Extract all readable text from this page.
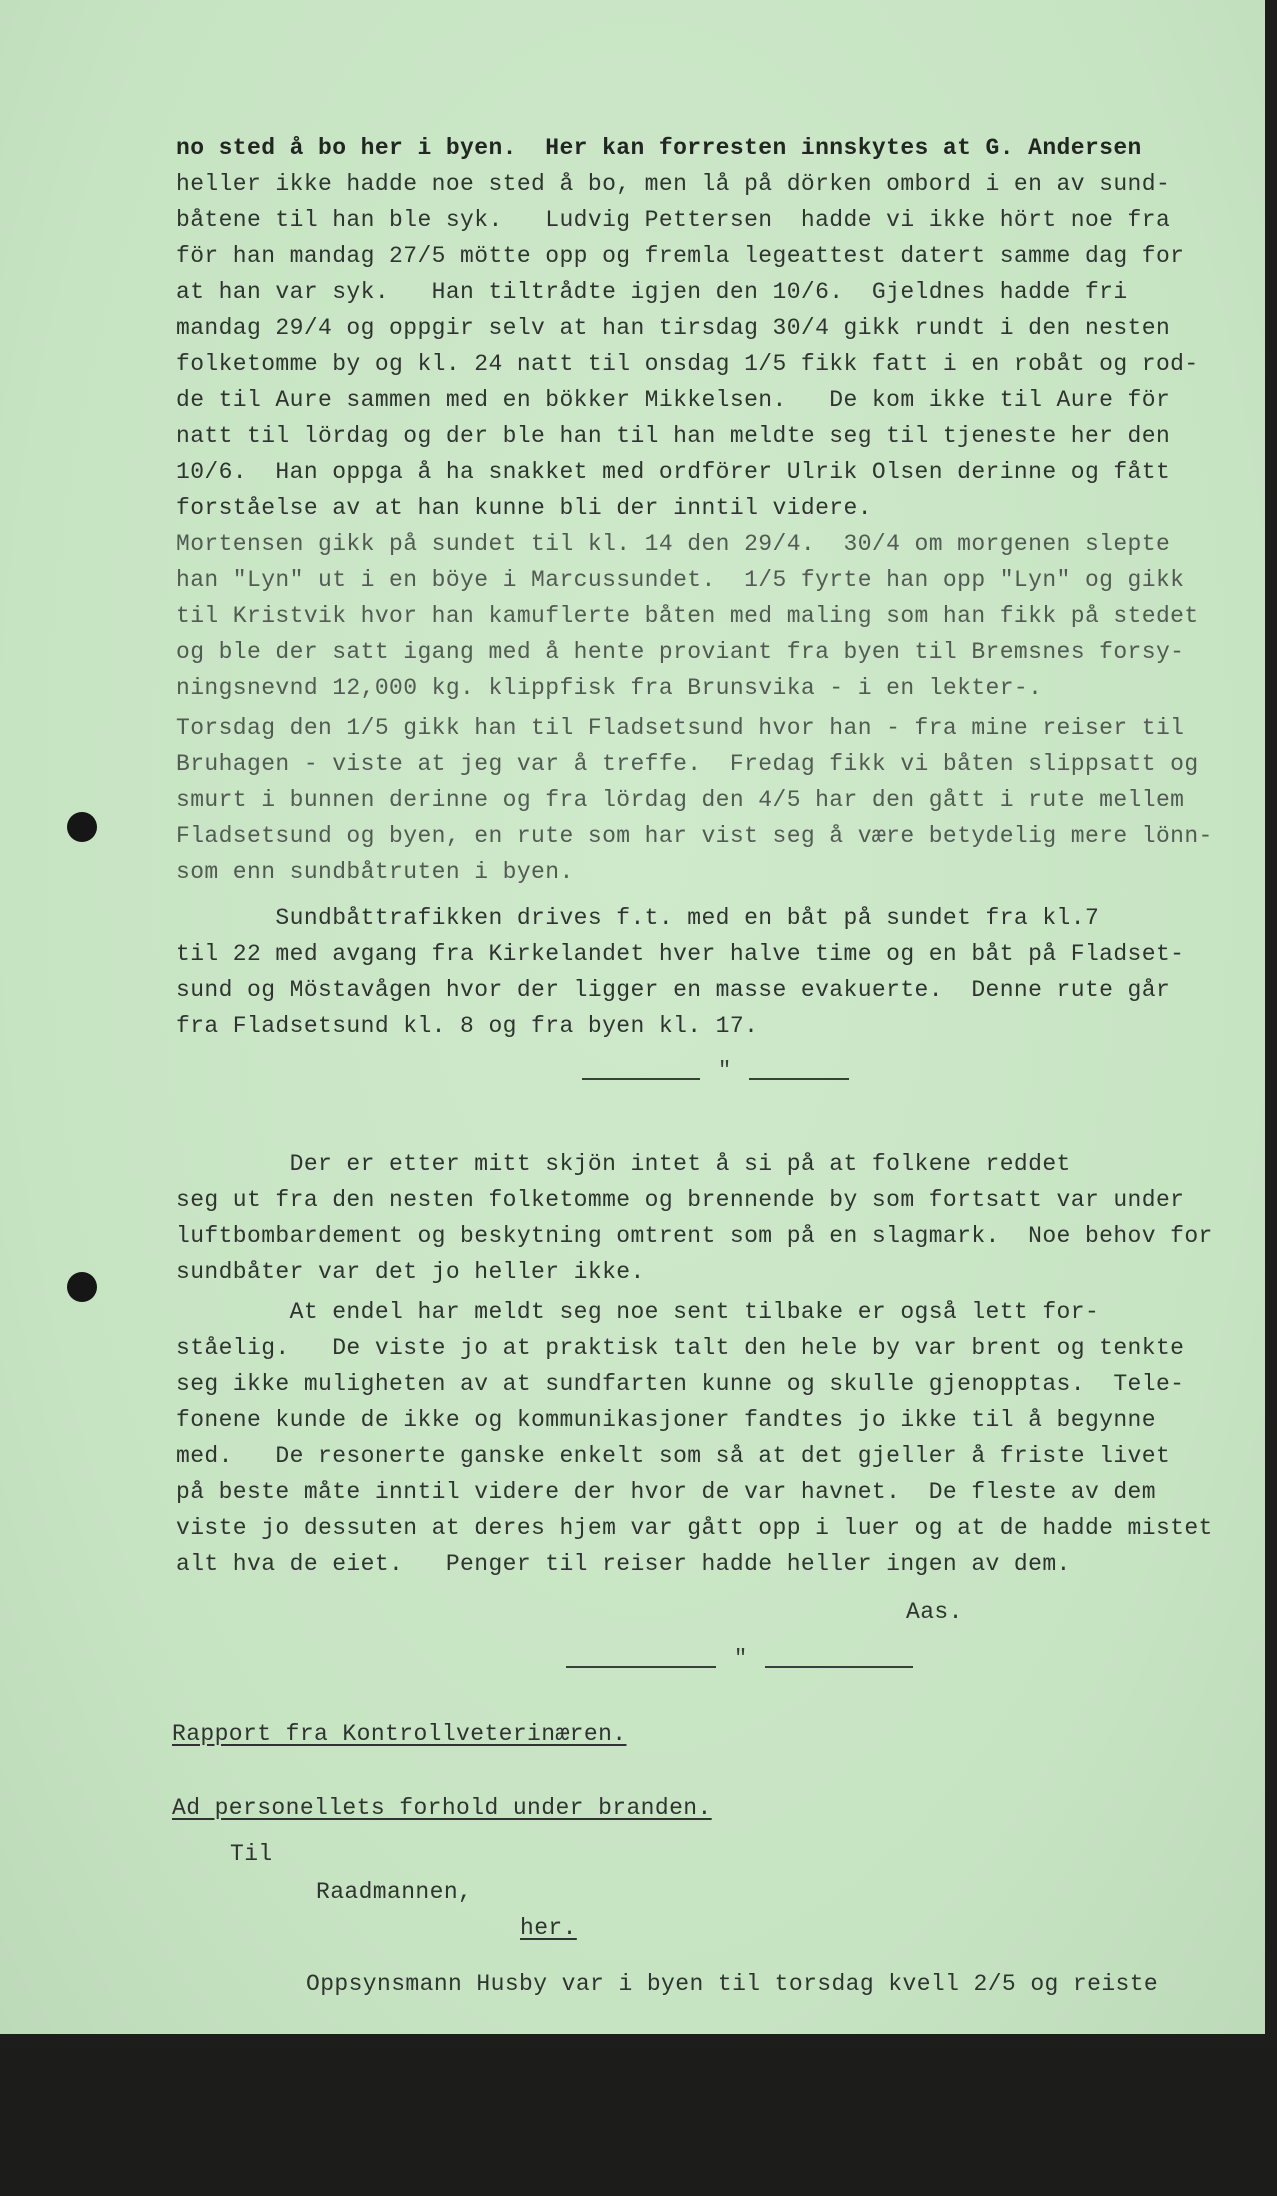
no sted å bo her i byen.  Her kan forresten innskytes at G. Andersen

heller ikke hadde noe sted å bo, men lå på dörken ombord i en av sund-

båtene til han ble syk.   Ludvig Pettersen  hadde vi ikke hört noe fra

för han mandag 27/5 mötte opp og fremla legeattest datert samme dag for

at han var syk.   Han tiltrådte igjen den 10/6.  Gjeldnes hadde fri

mandag 29/4 og oppgir selv at han tirsdag 30/4 gikk rundt i den nesten

folketomme by og kl. 24 natt til onsdag 1/5 fikk fatt i en robåt og rod-

de til Aure sammen med en bökker Mikkelsen.   De kom ikke til Aure för

natt til lördag og der ble han til han meldte seg til tjeneste her den

10/6.  Han oppga å ha snakket med ordförer Ulrik Olsen derinne og fått

forståelse av at han kunne bli der inntil videre.

Mortensen gikk på sundet til kl. 14 den 29/4.  30/4 om morgenen slepte

han "Lyn" ut i en böye i Marcussundet.  1/5 fyrte han opp "Lyn" og gikk

til Kristvik hvor han kamuflerte båten med maling som han fikk på stedet

og ble der satt igang med å hente proviant fra byen til Bremsnes forsy-

ningsnevnd 12,000 kg. klippfisk fra Brunsvika - i en lekter-.

Torsdag den 1/5 gikk han til Fladsetsund hvor han - fra mine reiser til

Bruhagen - viste at jeg var å treffe.  Fredag fikk vi båten slippsatt og

smurt i bunnen derinne og fra lördag den 4/5 har den gått i rute mellem

Fladsetsund og byen, en rute som har vist seg å være betydelig mere lönn-

som enn sundbåtruten i byen.

Sundbåttrafikken drives f.t. med en båt på sundet fra kl.7

til 22 med avgang fra Kirkelandet hver halve time og en båt på Fladset-

sund og Möstavågen hvor der ligger en masse evakuerte.  Denne rute går

fra Fladsetsund kl. 8 og fra byen kl. 17.

Der er etter mitt skjön intet å si på at folkene reddet

seg ut fra den nesten folketomme og brennende by som fortsatt var under

luftbombardement og beskytning omtrent som på en slagmark.  Noe behov for

sundbåter var det jo heller ikke.

At endel har meldt seg noe sent tilbake er også lett for-

ståelig.   De viste jo at praktisk talt den hele by var brent og tenkte

seg ikke muligheten av at sundfarten kunne og skulle gjenopptas.  Tele-

fonene kunde de ikke og kommunikasjoner fandtes jo ikke til å begynne

med.   De resonerte ganske enkelt som så at det gjeller å friste livet

på beste måte inntil videre der hvor de var havnet.  De fleste av dem

viste jo dessuten at deres hjem var gått opp i luer og at de hadde mistet

alt hva de eiet.   Penger til reiser hadde heller ingen av dem.

Aas.

Rapport fra Kontrollveterinæren.

Ad personellets forhold under branden.

Til

Raadmannen,

her.

Oppsynsmann Husby var i byen til torsdag kvell 2/5 og reiste

"
"
